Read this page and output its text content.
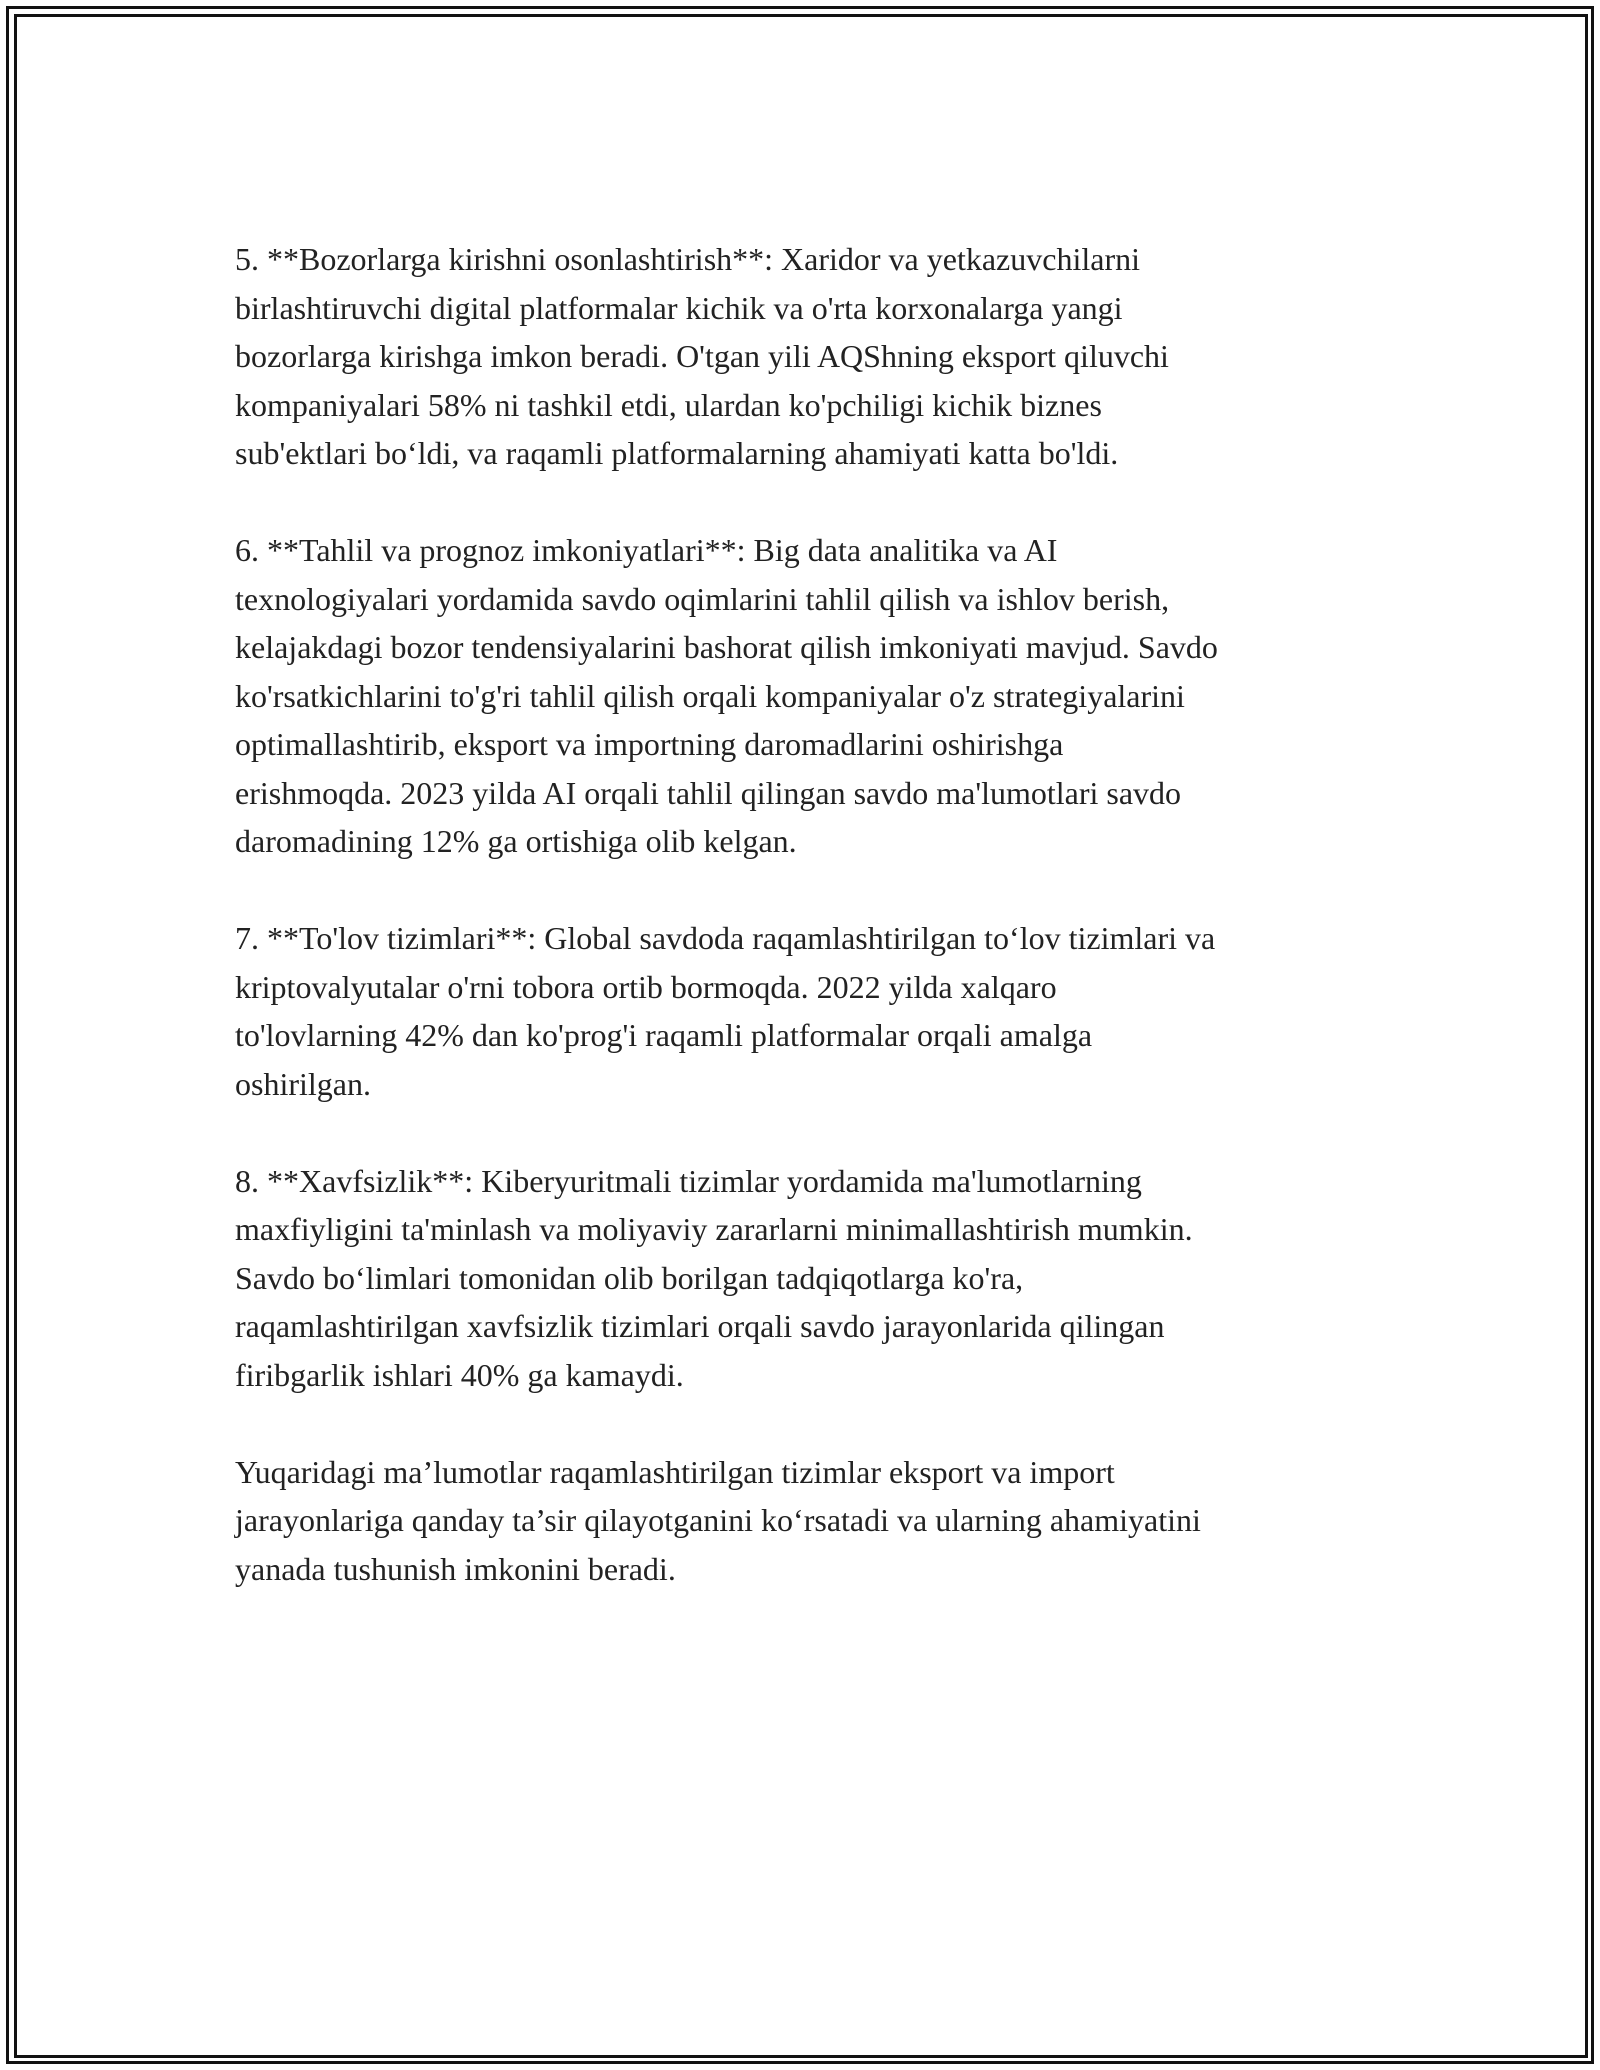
5. **Bozorlarga kirishni osonlashtirish**: Xaridor va yetkazuvchilarni
birlashtiruvchi digital platformalar kichik va o'rta korxonalarga yangi
bozorlarga kirishga imkon beradi. O'tgan yili AQShning eksport qiluvchi
kompaniyalari 58% ni tashkil etdi, ulardan ko'pchiligi kichik biznes
sub'ektlari bo‘ldi, va raqamli platformalarning ahamiyati katta bo'ldi.

6. **Tahlil va prognoz imkoniyatlari**: Big data analitika va AI
texnologiyalari yordamida savdo oqimlarini tahlil qilish va ishlov berish,
kelajakdagi bozor tendensiyalarini bashorat qilish imkoniyati mavjud. Savdo
ko'rsatkichlarini to'g'ri tahlil qilish orqali kompaniyalar o'z strategiyalarini
optimallashtirib, eksport va importning daromadlarini oshirishga
erishmoqda. 2023 yilda AI orqali tahlil qilingan savdo ma'lumotlari savdo
daromadining 12% ga ortishiga olib kelgan.

7. **To'lov tizimlari**: Global savdoda raqamlashtirilgan to‘lov tizimlari va
kriptovalyutalar o'rni tobora ortib bormoqda. 2022 yilda xalqaro
to'lovlarning 42% dan ko'prog'i raqamli platformalar orqali amalga
oshirilgan.

8. **Xavfsizlik**: Kiberyuritmali tizimlar yordamida ma'lumotlarning
maxfiyligini ta'minlash va moliyaviy zararlarni minimallashtirish mumkin.
Savdo bo‘limlari tomonidan olib borilgan tadqiqotlarga ko'ra,
raqamlashtirilgan xavfsizlik tizimlari orqali savdo jarayonlarida qilingan
firibgarlik ishlari 40% ga kamaydi.

Yuqaridagi ma’lumotlar raqamlashtirilgan tizimlar eksport va import
jarayonlariga qanday ta’sir qilayotganini ko‘rsatadi va ularning ahamiyatini
yanada tushunish imkonini beradi.
